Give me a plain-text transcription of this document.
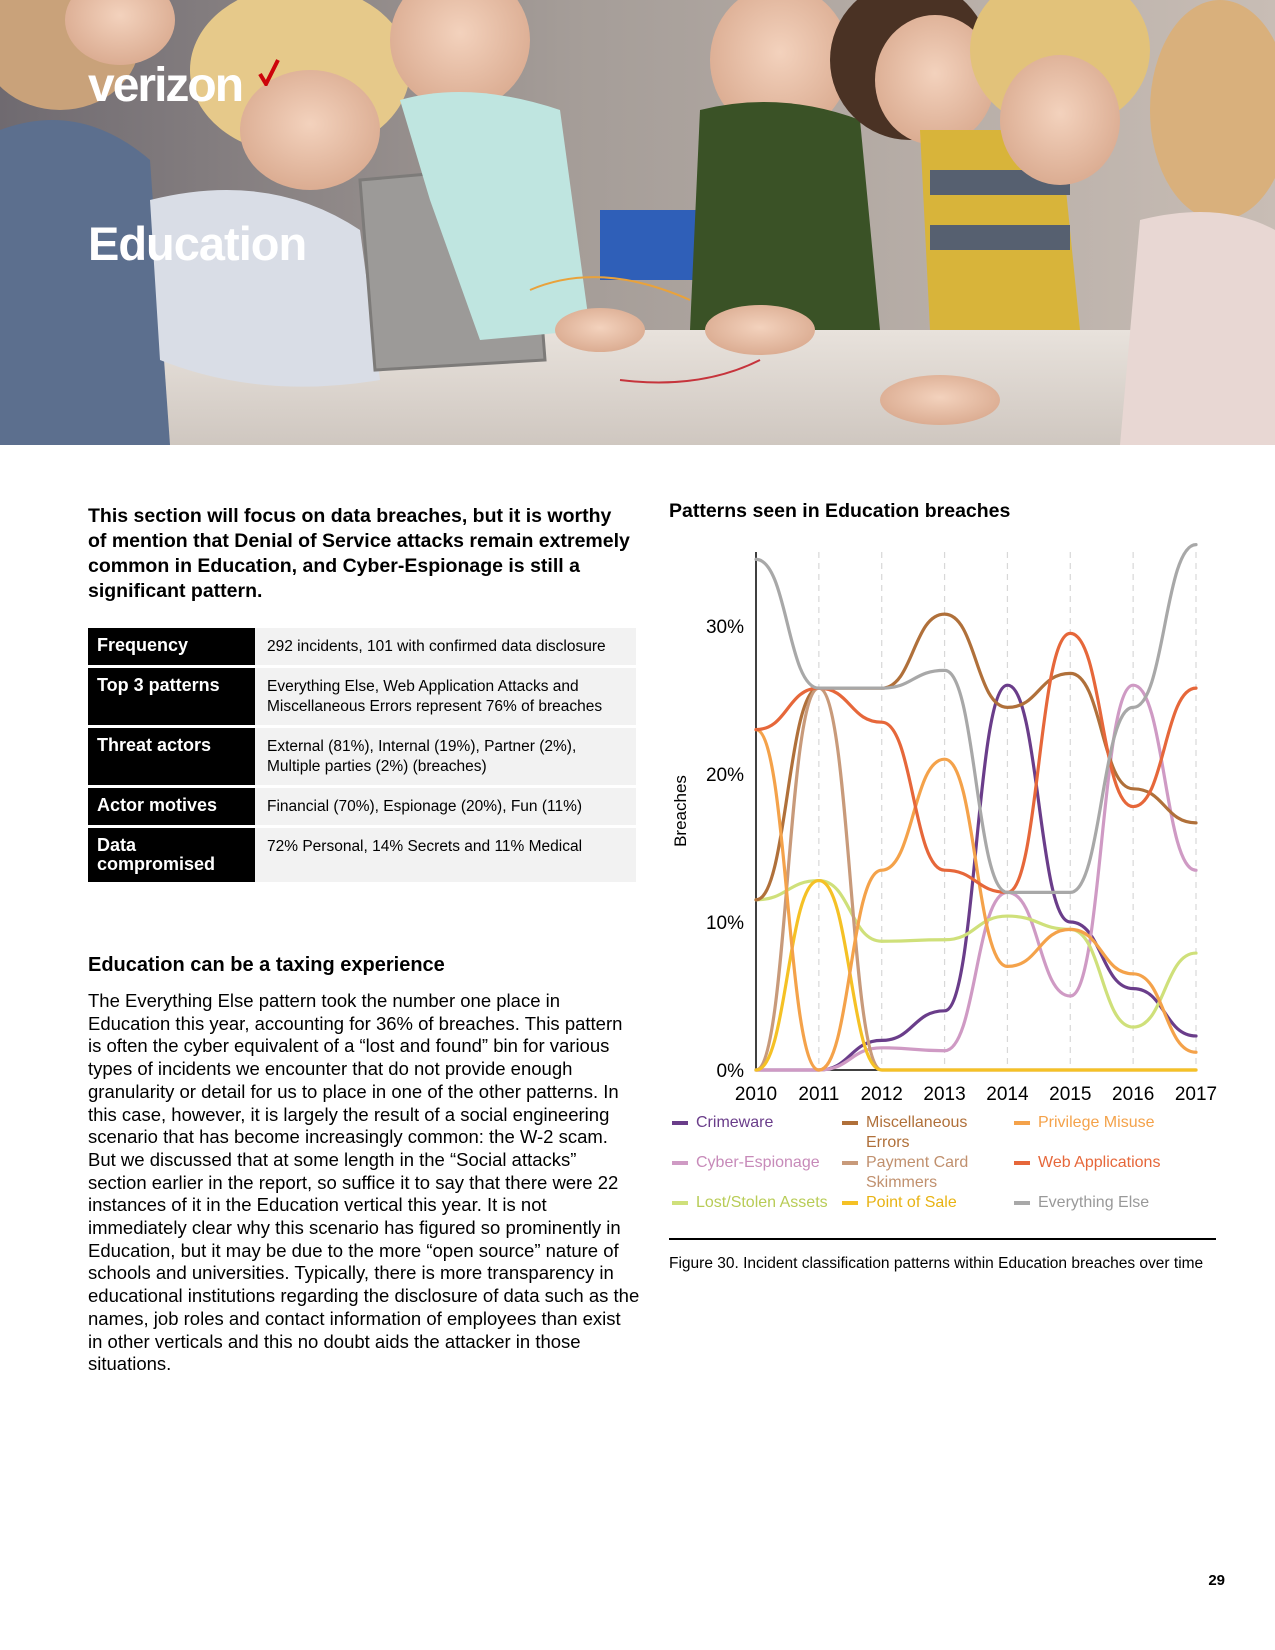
verizon
Education

This section will focus on data breaches, but it is worthy of mention that Denial of Service attacks remain extremely common in Education, and Cyber-Espionage is still a significant pattern.

Frequency	292 incidents, 101 with confirmed data disclosure
Top 3 patterns	Everything Else, Web Application Attacks and Miscellaneous Errors represent 76% of breaches
Threat actors	External (81%), Internal (19%), Partner (2%), Multiple parties (2%) (breaches)
Actor motives	Financial (70%), Espionage (20%), Fun (11%)
Data compromised	72% Personal, 14% Secrets and 11% Medical
Education can be a taxing experience

The Everything Else pattern took the number one place in Education this year, accounting for 36% of breaches. This pattern is often the cyber equivalent of a “lost and found” bin for various types of incidents we encounter that do not provide enough granularity or detail for us to place in one of the other patterns. In this case, however, it is largely the result of a social engineering scenario that has become increasingly common: the W-2 scam. But we discussed that at some length in the “Social attacks” section earlier in the report, so suffice it to say that there were 22 instances of it in the Education vertical this year. It is not immediately clear why this scenario has figured so prominently in Education, but it may be due to the more “open source” nature of schools and universities. Typically, there is more transparency in educational institutions regarding the disclosure of data such as the names, job roles and contact information of employees than exist in other verticals and this no doubt aids the attacker in those situations.

Patterns seen in Education breaches
0%
10%
20%
30%
2010 2011 2012 2013 2014 2015 2016 2017
Breaches
Crimeware	Miscellaneous Errors
Privilege Misuse
Cyber-Espionage	Payment Card Skimmers
Web Applications
Lost/Stolen Assets Point of Sale	Everything Else

Figure 30. Incident classification patterns within Education breaches over time

29
